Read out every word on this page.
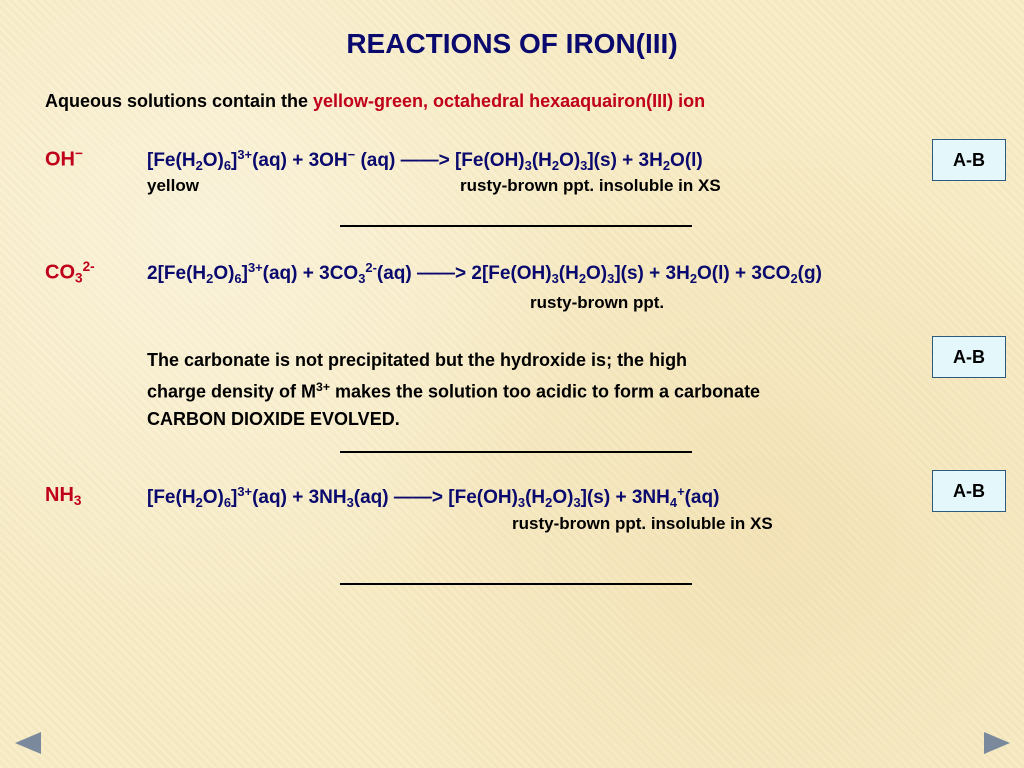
REACTIONS OF IRON(III)
Aqueous solutions contain the yellow-green, octahedral hexaaquairon(III) ion
OH−	$[Fe(H_2O)_6]^{3+}(aq) + 3OH^-$ (aq) ——> $[Fe(OH)_3(H_2O)_3](s) + 3H_2O(l)$
yellow	rusty-brown ppt. insoluble in XS
A-B
$CO_3^{2-}$	$2[Fe(H_2O)_6]^{3+}(aq) + 3CO_3^{2-}(aq)$ ——> $2[Fe(OH)_3(H_2O)_3](s) + 3H_2O(l) + 3CO_2(g)$
rusty-brown ppt.
The carbonate is not precipitated but the hydroxide is; the high
charge density of $M^{3+}$ makes the solution too acidic to form a carbonate
CARBON DIOXIDE EVOLVED.
A-B
$NH_3$	$[Fe(H_2O)_6]^{3+}(aq) + 3NH_3(aq)$ ——> $[Fe(OH)_3(H_2O)_3](s) + 3NH_4^+(aq)$
rusty-brown ppt. insoluble in XS
A-B
